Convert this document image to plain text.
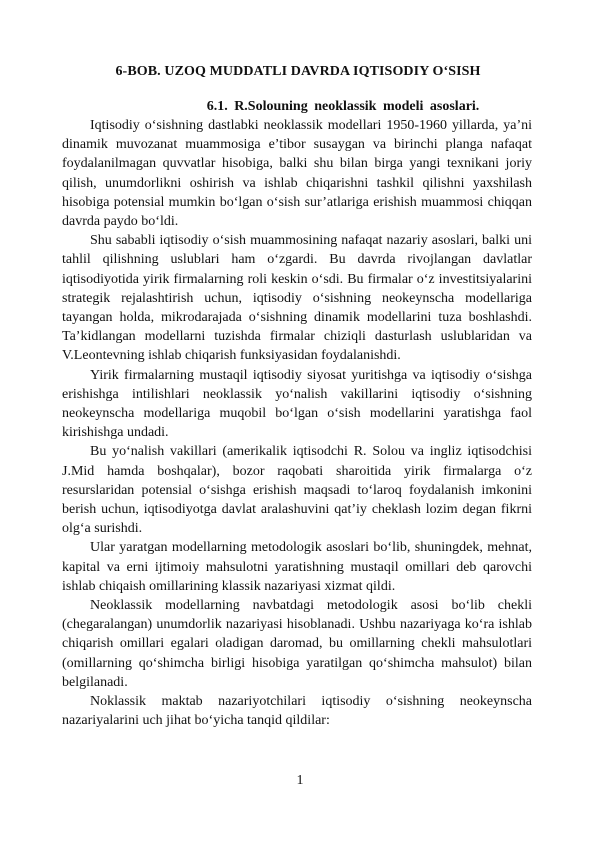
6-BOB. UZOQ MUDDATLI DAVRDA IQTISODIY O‘SISH
6.1. R.Solouning neoklassik modeli asoslari.

Iqtisodiy o‘sishning dastlabki neoklassik modellari 1950-1960 yillarda, ya’ni dinamik muvozanat muammosiga e’tibor susaygan va birinchi planga nafaqat foydalanilmagan quvvatlar hisobiga, balki shu bilan birga yangi texnikani joriy qilish, unumdorlikni oshirish va ishlab chiqarishni tashkil qilishni yaxshilash hisobiga potensial mumkin bo‘lgan o‘sish sur’atlariga erishish muammosi chiqqan davrda paydo bo‘ldi.

Shu sababli iqtisodiy o‘sish muammosining nafaqat nazariy asoslari, balki uni tahlil qilishning uslublari ham o‘zgardi. Bu davrda rivojlangan davlatlar iqtisodiyotida yirik firmalarning roli keskin o‘sdi. Bu firmalar o‘z investitsiyalarini strategik rejalashtirish uchun, iqtisodiy o‘sishning neokeynscha modellariga tayangan holda, mikrodarajada o‘sishning dinamik modellarini tuza boshlashdi. Ta’kidlangan modellarni tuzishda firmalar chiziqli dasturlash uslublaridan va V.Leontevning ishlab chiqarish funksiyasidan foydalanishdi.

Yirik firmalarning mustaqil iqtisodiy siyosat yuritishga va iqtisodiy o‘sishga erishishga intilishlari neoklassik yo‘nalish vakillarini iqtisodiy o‘sishning neokeynscha modellariga muqobil bo‘lgan o‘sish modellarini yaratishga faol kirishishga undadi.

Bu yo‘nalish vakillari (amerikalik iqtisodchi R. Solou va ingliz iqtisodchisi J.Mid hamda boshqalar), bozor raqobati sharoitida yirik firmalarga o‘z resurslaridan potensial o‘sishga erishish maqsadi to‘laroq foydalanish imkonini berish uchun, iqtisodiyotga davlat aralashuvini qat’iy cheklash lozim degan fikrni olg‘a surishdi.

Ular yaratgan modellarning metodologik asoslari bo‘lib, shuningdek, mehnat, kapital va erni ijtimoiy mahsulotni yaratishning mustaqil omillari deb qarovchi ishlab chiqaish omillarining klassik nazariyasi xizmat qildi.

Neoklassik modellarning navbatdagi metodologik asosi bo‘lib chekli (chegaralangan) unumdorlik nazariyasi hisoblanadi. Ushbu nazariyaga ko‘ra ishlab chiqarish omillari egalari oladigan daromad, bu omillarning chekli mahsulotlari (omillarning qo‘shimcha birligi hisobiga yaratilgan qo‘shimcha mahsulot) bilan belgilanadi.

Noklassik maktab nazariyotchilari iqtisodiy o‘sishning neokeynscha nazariyalarini uch jihat bo‘yicha tanqid qildilar:

1
